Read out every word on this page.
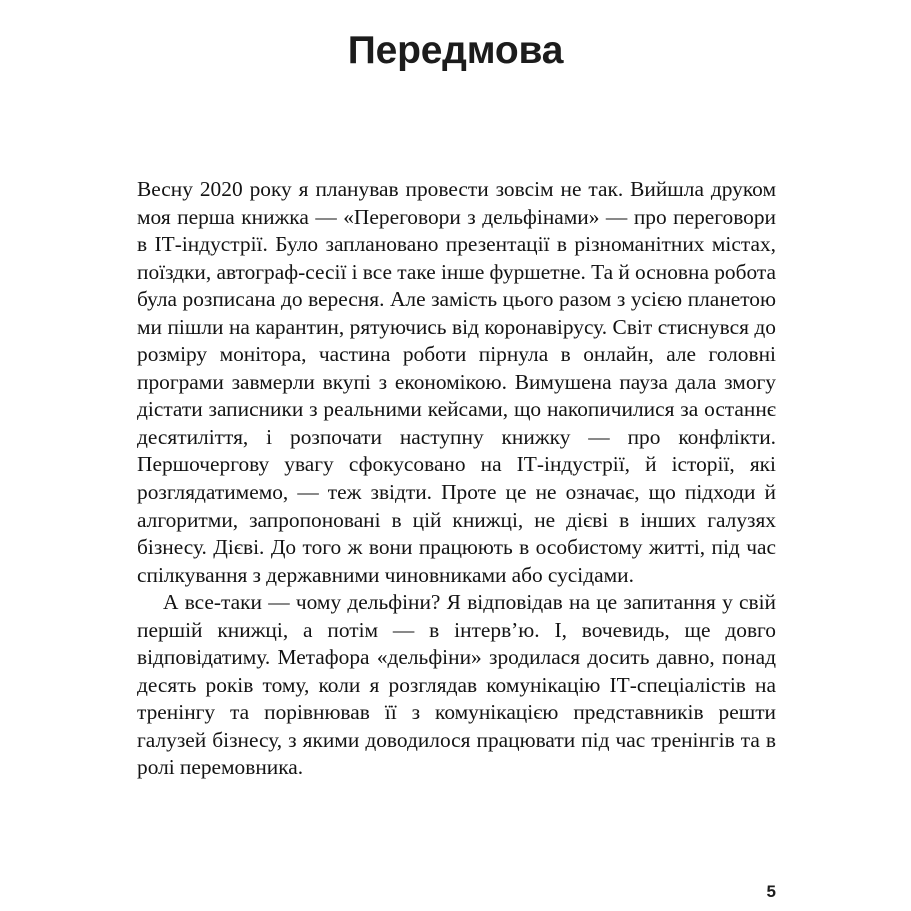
Передмова

Весну 2020 року я планував провести зовсім не так. Вийшла друком моя перша книжка — «Переговори з дельфінами» — про переговори в ІТ-індустрії. Було заплановано презентації в різноманітних містах, поїздки, автограф-сесії і все таке інше фуршетне. Та й основна робота була розписана до вересня. Але замість цього разом з усією планетою ми пішли на карантин, рятуючись від коронавірусу. Світ стиснувся до розміру монітора, частина роботи пірнула в онлайн, але головні програми завмерли вкупі з економікою. Вимушена пауза дала змогу дістати записники з реальними кейсами, що накопичилися за останнє десятиліття, і розпочати наступну книжку — про конфлікти. Першочергову увагу сфокусовано на ІТ-індустрії, й історії, які розглядатимемо, — теж звідти. Проте це не означає, що підходи й алгоритми, запропоновані в цій книжці, не дієві в інших галузях бізнесу. Дієві. До того ж вони працюють в особистому житті, під час спілкування з державними чиновниками або сусідами.

А все-таки — чому дельфіни? Я відповідав на це запитання у свій першій книжці, а потім — в інтерв’ю. І, вочевидь, ще довго відповідатиму. Метафора «дельфіни» зродилася досить давно, понад десять років тому, коли я розглядав комунікацію ІТ-спеціалістів на тренінгу та порівнював її з комунікацією представників решти галузей бізнесу, з якими доводилося працювати під час тренінгів та в ролі перемовника.

5
